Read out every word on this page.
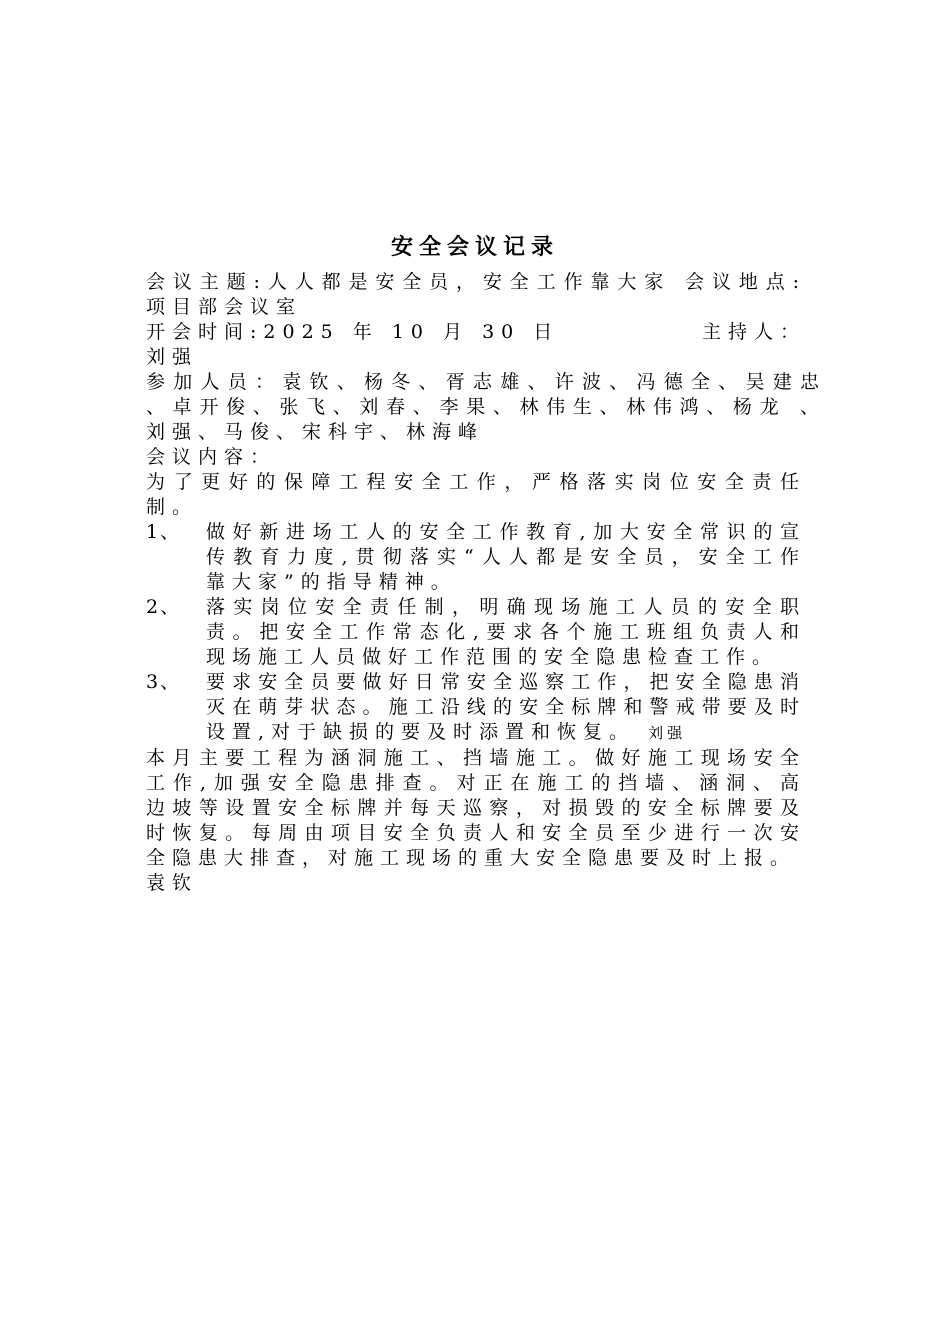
安全会议记录

会议主题:人人都是安全员，安全工作靠大家 会议地点:项目部会议室

开会时间:2025 年 10 月 30 日	主持人：

刘强

参加人员：袁钦、杨冬、胥志雄、许波、冯德全、吴建忠 、卓开俊、张飞、刘春、李果、林伟生、林伟鸿、杨龙 、刘强、马俊、宋科宇、林海峰

会议内容：

为了更好的保障工程安全工作，严格落实岗位安全责任制。

1、	做好新进场工人的安全工作教育,加大安全常识的宣传教育力度,贯彻落实“人人都是安全员，安全工作靠大家”的指导精神。
2、	落实岗位安全责任制，明确现场施工人员的安全职责。把安全工作常态化,要求各个施工班组负责人和现场施工人员做好工作范围的安全隐患检查工作。
3、	要求安全员要做好日常安全巡察工作，把安全隐患消灭在萌芽状态。施工沿线的安全标牌和警戒带要及时设置,对于缺损的要及时添置和恢复。 刘强

本月主要工程为涵洞施工、挡墙施工。做好施工现场安全工作,加强安全隐患排查。对正在施工的挡墙、涵洞、高边坡等设置安全标牌并每天巡察，对损毁的安全标牌要及时恢复。每周由项目安全负责人和安全员至少进行一次安全隐患大排查，对施工现场的重大安全隐患要及时上报。

袁钦
